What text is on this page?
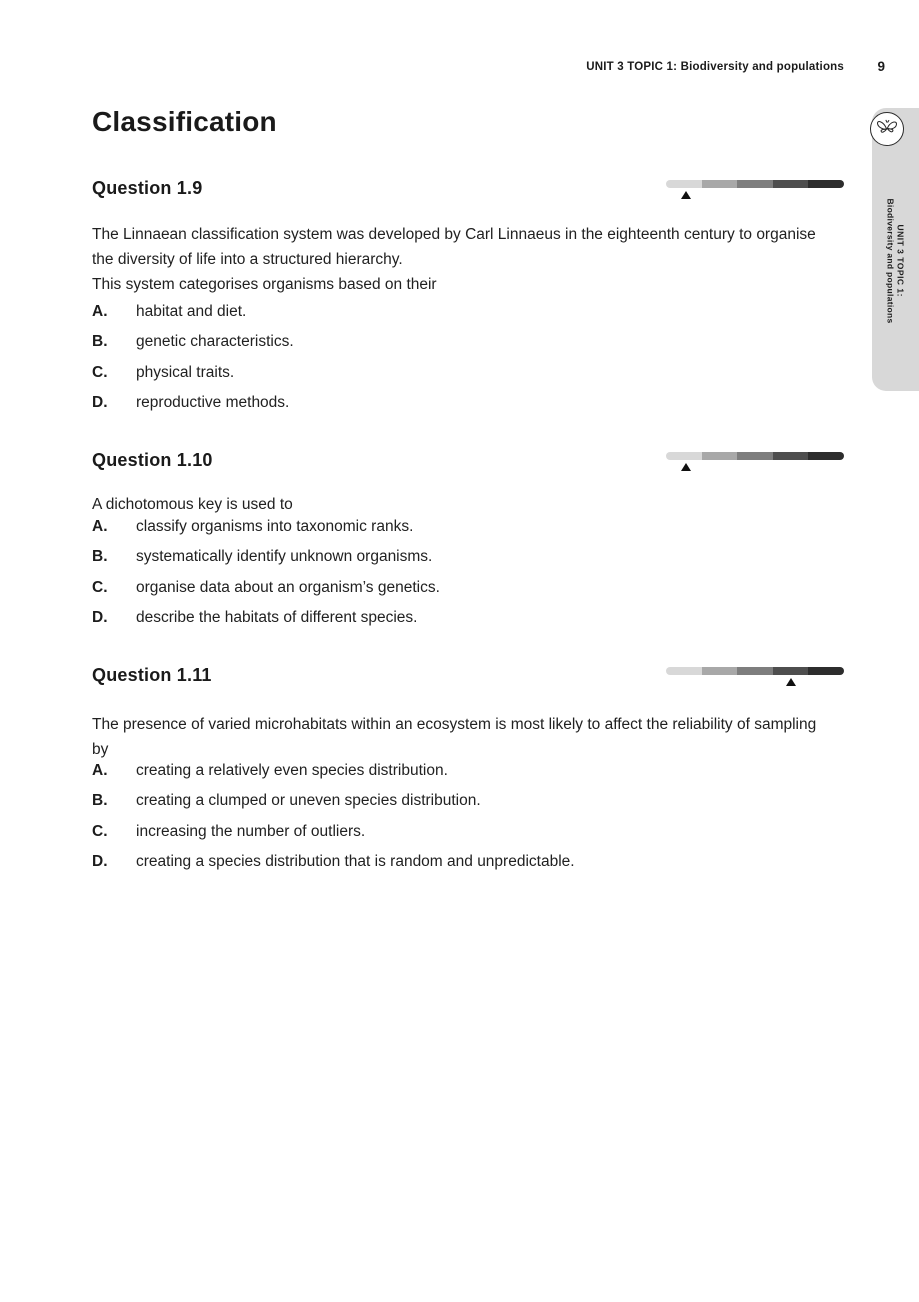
UNIT 3 TOPIC 1: Biodiversity and populations 9
Classification
UNIT 3 TOPIC 1:
Biodiversity and populations
Question 1.9

The Linnaean classification system was developed by Carl Linnaeus in the eighteenth century to organise the diversity of life into a structured hierarchy.

This system categorises organisms based on their

A.	habitat and diet.
B.	genetic characteristics.
C.	physical traits.
D.	reproductive methods.
Question 1.10

A dichotomous key is used to

A.	classify organisms into taxonomic ranks.
B.	systematically identify unknown organisms.
C.	organise data about an organism’s genetics.
D.	describe the habitats of different species.
Question 1.11

The presence of varied microhabitats within an ecosystem is most likely to affect the reliability of sampling by

A.	creating a relatively even species distribution.
B.	creating a clumped or uneven species distribution.
C.	increasing the number of outliers.
D.	creating a species distribution that is random and unpredictable.
